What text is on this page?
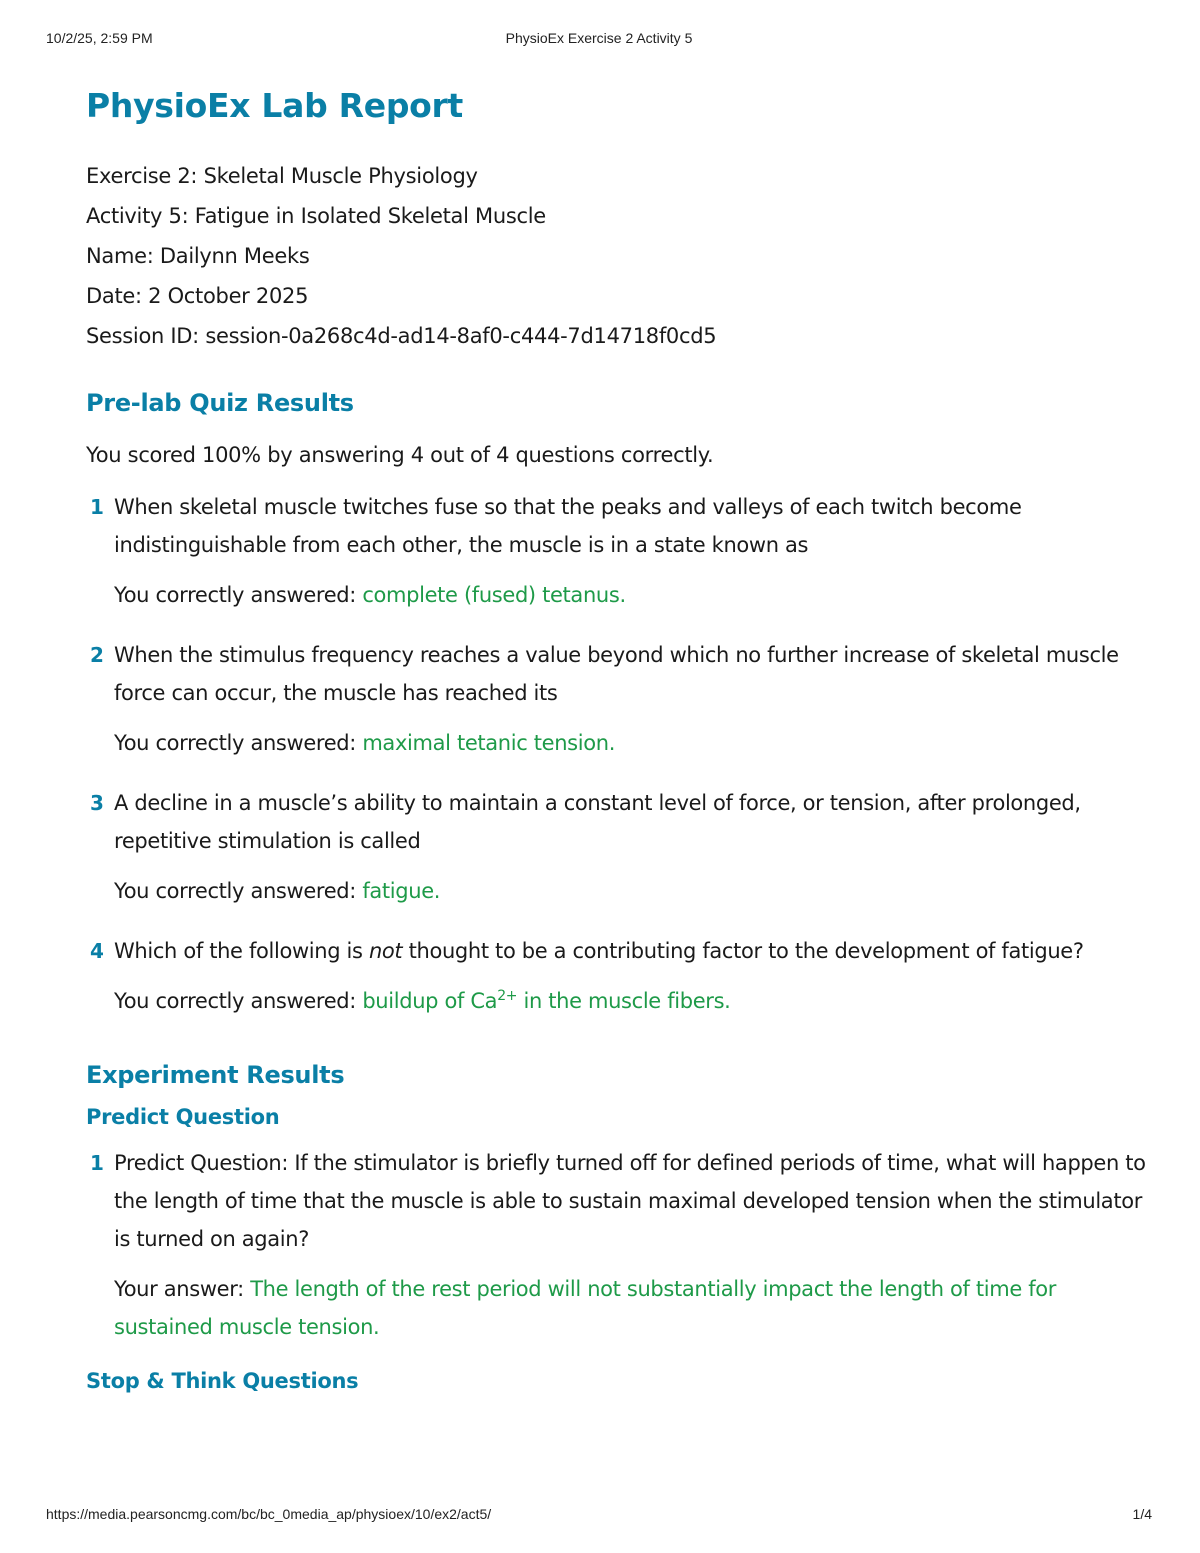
10/2/25, 2:59 PM	PhysioEx Exercise 2 Activity 5
PhysioEx Lab Report

Exercise 2: Skeletal Muscle Physiology

Activity 5: Fatigue in Isolated Skeletal Muscle

Name: Dailynn Meeks

Date: 2 October 2025

Session ID: session-0a268c4d-ad14-8af0-c444-7d14718f0cd5

Pre-lab Quiz Results

You scored 100% by answering 4 out of 4 questions correctly.

1 When skeletal muscle twitches fuse so that the peaks and valleys of each twitch become indistinguishable from each other, the muscle is in a state known as

You correctly answered: complete (fused) tetanus.

2 When the stimulus frequency reaches a value beyond which no further increase of skeletal muscle force can occur, the muscle has reached its

You correctly answered: maximal tetanic tension.

3 A decline in a muscle’s ability to maintain a constant level of force, or tension, after prolonged, repetitive stimulation is called

You correctly answered: fatigue.

4 Which of the following is not thought to be a contributing factor to the development of fatigue?

You correctly answered: buildup of $Ca^{2+}$ in the muscle fibers.

Experiment Results
Predict Question
1 Predict Question: If the stimulator is briefly turned off for defined periods of time, what will happen to the length of time that the muscle is able to sustain maximal developed tension when the stimulator is turned on again?

Your answer: The length of the rest period will not substantially impact the length of time for sustained muscle tension.

Stop & Think Questions
https://media.pearsoncmg.com/bc/bc_0media_ap/physioex/10/ex2/act5/	1/4
